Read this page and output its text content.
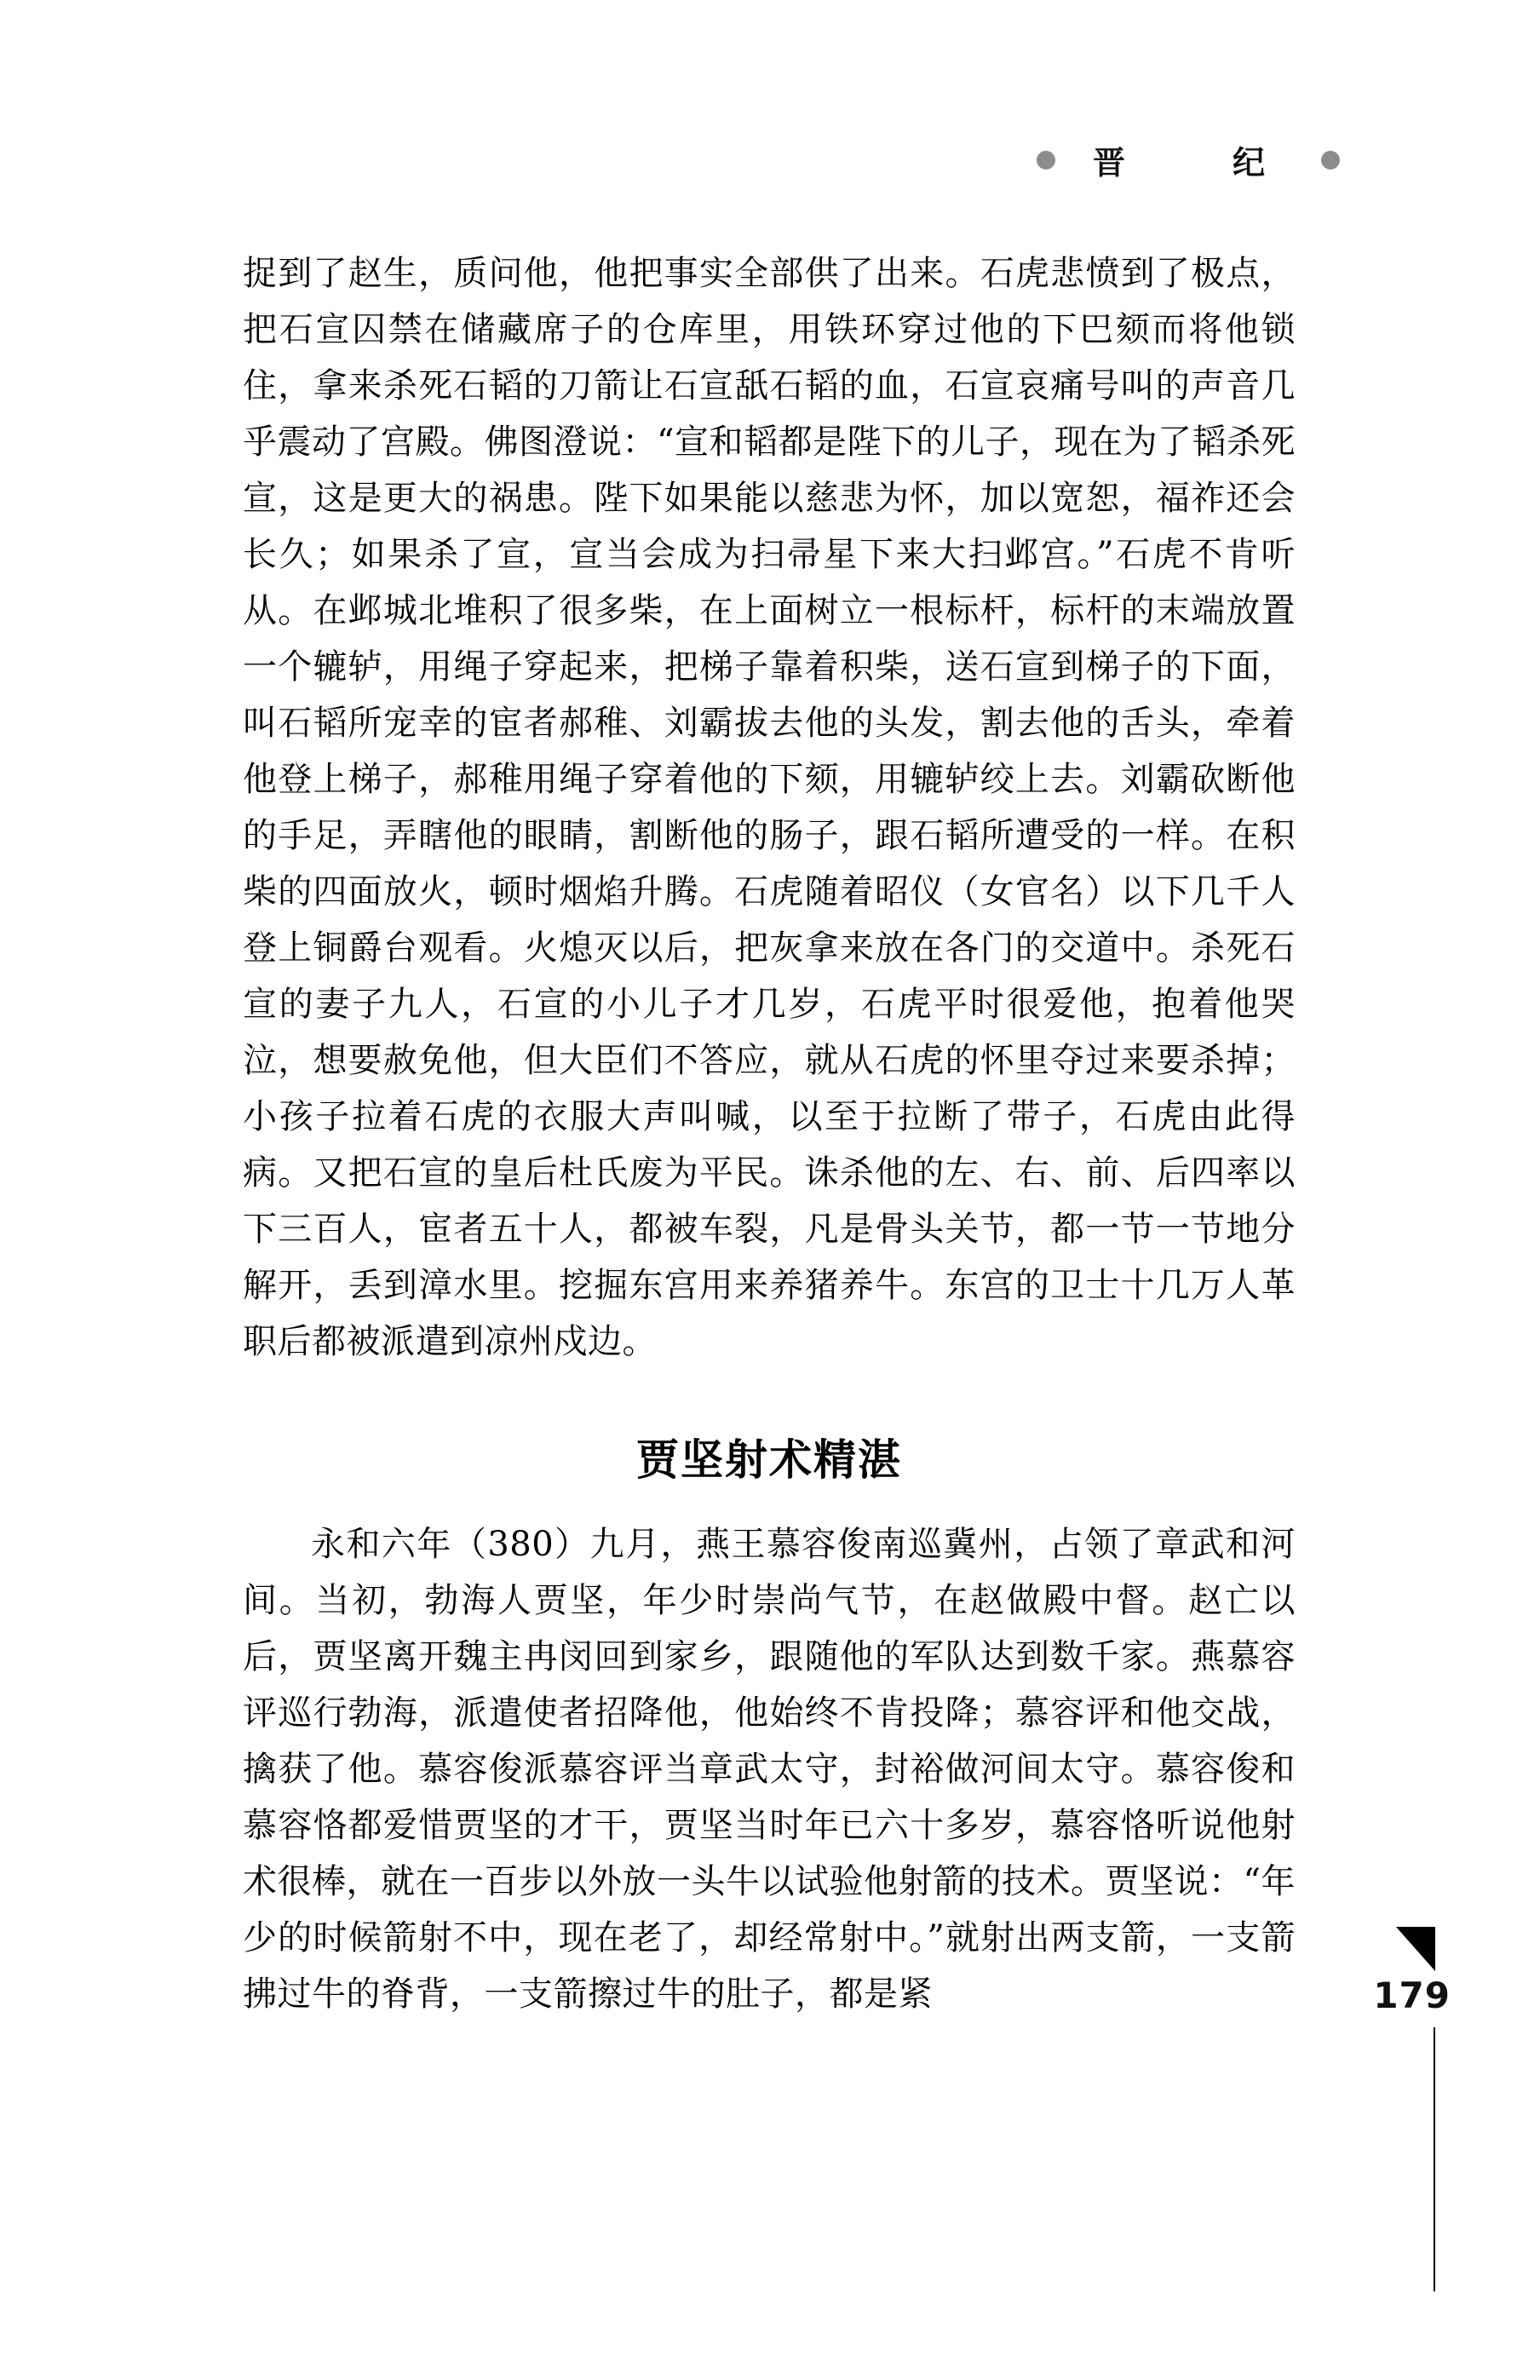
晋　纪

捉到了赵生，质问他，他把事实全部供了出来。石虎悲愤到了极点，把石宣囚禁在储藏席子的仓库里，用铁环穿过他的下巴颏而将他锁住，拿来杀死石韬的刀箭让石宣舐石韬的血，石宣哀痛号叫的声音几乎震动了宫殿。佛图澄说：“宣和韬都是陛下的儿子，现在为了韬杀死宣，这是更大的祸患。陛下如果能以慈悲为怀，加以宽恕，福祚还会长久；如果杀了宣，宣当会成为扫帚星下来大扫邺宫。”石虎不肯听从。在邺城北堆积了很多柴，在上面树立一根标杆，标杆的末端放置一个辘轳，用绳子穿起来，把梯子靠着积柴，送石宣到梯子的下面，叫石韬所宠幸的宦者郝稚、刘霸拔去他的头发，割去他的舌头，牵着他登上梯子，郝稚用绳子穿着他的下颏，用辘轳绞上去。刘霸砍断他的手足，弄瞎他的眼睛，割断他的肠子，跟石韬所遭受的一样。在积柴的四面放火，顿时烟焰升腾。石虎随着昭仪（女官名）以下几千人登上铜爵台观看。火熄灭以后，把灰拿来放在各门的交道中。杀死石宣的妻子九人，石宣的小儿子才几岁，石虎平时很爱他，抱着他哭泣，想要赦免他，但大臣们不答应，就从石虎的怀里夺过来要杀掉；小孩子拉着石虎的衣服大声叫喊，以至于拉断了带子，石虎由此得病。又把石宣的皇后杜氏废为平民。诛杀他的左、右、前、后四率以下三百人，宦者五十人，都被车裂，凡是骨头关节，都一节一节地分解开，丢到漳水里。挖掘东宫用来养猪养牛。东宫的卫士十几万人革职后都被派遣到凉州戍边。

贾坚射术精湛

永和六年（380）九月，燕王慕容俊南巡冀州，占领了章武和河间。当初，勃海人贾坚，年少时崇尚气节，在赵做殿中督。赵亡以后，贾坚离开魏主冉闵回到家乡，跟随他的军队达到数千家。燕慕容评巡行勃海，派遣使者招降他，他始终不肯投降；慕容评和他交战，擒获了他。慕容俊派慕容评当章武太守，封裕做河间太守。慕容俊和慕容恪都爱惜贾坚的才干，贾坚当时年已六十多岁，慕容恪听说他射术很棒，就在一百步以外放一头牛以试验他射箭的技术。贾坚说：“年少的时候箭射不中，现在老了，却经常射中。”就射出两支箭，一支箭拂过牛的脊背，一支箭擦过牛的肚子，都是紧	179
